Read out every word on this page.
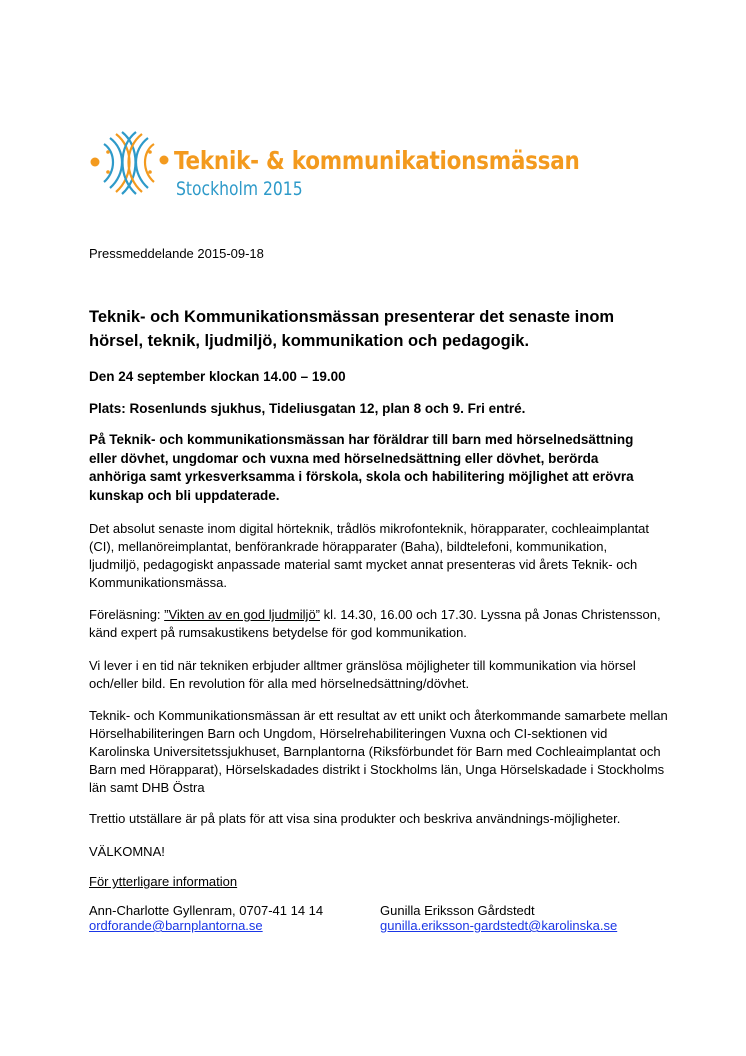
Teknik- & kommunikationsmässan
Stockholm 2015
Pressmeddelande 2015-09-18
Teknik- och Kommunikationsmässan presenterar det senaste inom hörsel, teknik, ljudmiljö, kommunikation och pedagogik.
Den 24 september klockan 14.00 – 19.00
Plats: Rosenlunds sjukhus, Tideliusgatan 12, plan 8 och 9. Fri entré.
På Teknik- och kommunikationsmässan har föräldrar till barn med hörselnedsättning eller dövhet, ungdomar och vuxna med hörselnedsättning eller dövhet, berörda anhöriga samt yrkesverksamma i förskola, skola och habilitering möjlighet att erövra kunskap och bli uppdaterade.
Det absolut senaste inom digital hörteknik, trådlös mikrofonteknik, hörapparater, cochleaimplantat (CI), mellanöreimplantat, benförankrade hörapparater (Baha), bildtelefoni, kommunikation, ljudmiljö, pedagogiskt anpassade material samt mycket annat presenteras vid årets Teknik- och Kommunikationsmässa.
Föreläsning: ”Vikten av en god ljudmiljö” kl. 14.30, 16.00 och 17.30. Lyssna på Jonas Christensson, känd expert på rumsakustikens betydelse för god kommunikation.
Vi lever i en tid när tekniken erbjuder alltmer gränslösa möjligheter till kommunikation via hörsel och/eller bild. En revolution för alla med hörselnedsättning/dövhet.
Teknik- och Kommunikationsmässan är ett resultat av ett unikt och återkommande samarbete mellan Hörselhabiliteringen Barn och Ungdom, Hörselrehabiliteringen Vuxna och CI-sektionen vid Karolinska Universitetssjukhuset, Barnplantorna (Riksförbundet för Barn med Cochleaimplantat och Barn med Hörapparat), Hörselskadades distrikt i Stockholms län, Unga Hörselskadade i Stockholms län samt DHB Östra
Trettio utställare är på plats för att visa sina produkter och beskriva användnings-möjligheter.
VÄLKOMNA!
För ytterligare information
Ann-Charlotte Gyllenram, 0707-41 14 14
ordforande@barnplantorna.se
Gunilla Eriksson Gårdstedt
gunilla.eriksson-gardstedt@karolinska.se
